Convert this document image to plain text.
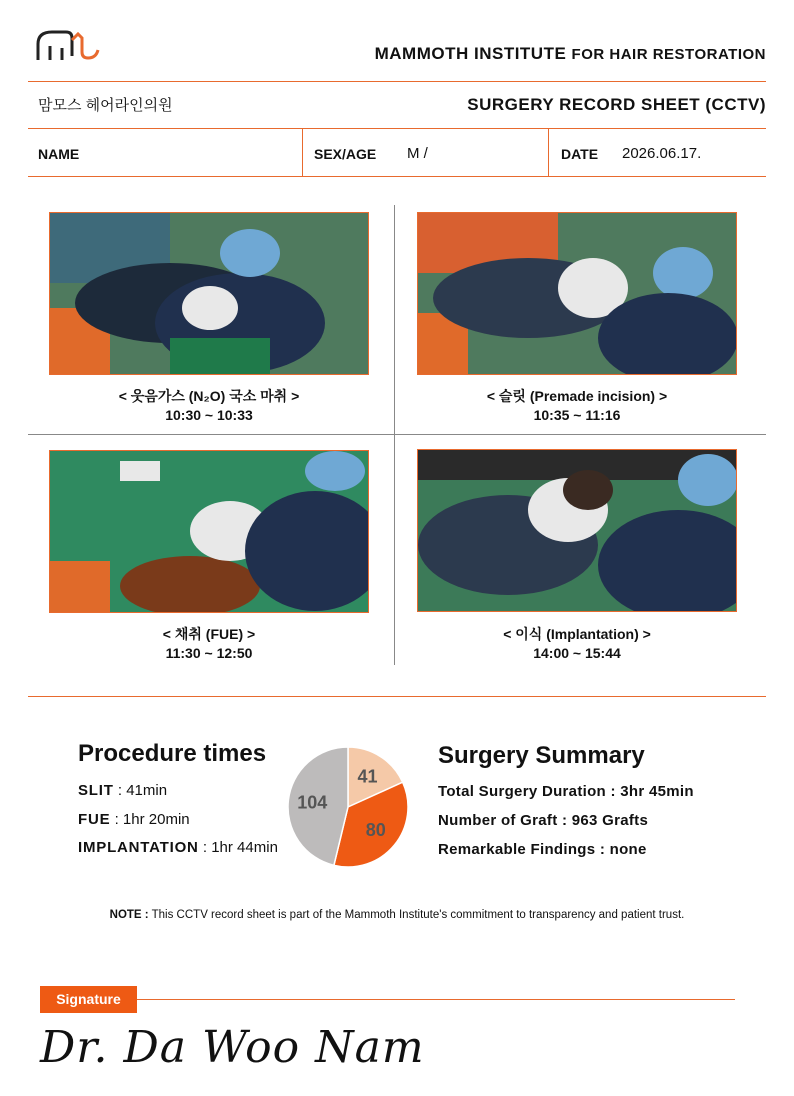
MAMMOTH INSTITUTE FOR HAIR RESTORATION
맘모스 헤어라인의원	SURGERY RECORD SHEET (CCTV)
NAME	SEX/AGE M /	DATE 2026.06.17.
< 웃음가스 (N₂O) 국소 마취 >
10:30 ~ 10:33
< 슬릿 (Premade incision) >
10:35 ~ 11:16
< 채취 (FUE) >
11:30 ~ 12:50
< 이식 (Implantation) >
14:00 ~ 15:44
Procedure times
SLIT : 41min
FUE : 1hr 20min
IMPLANTATION : 1hr 44min
41
80
104
Surgery Summary
Total Surgery Duration : 3hr 45min
Number of Graft : 963 Grafts
Remarkable Findings : none
NOTE : This CCTV record sheet is part of the Mammoth Institute's commitment to transparency and patient trust.
Signature
Dr. Da Woo Nam
